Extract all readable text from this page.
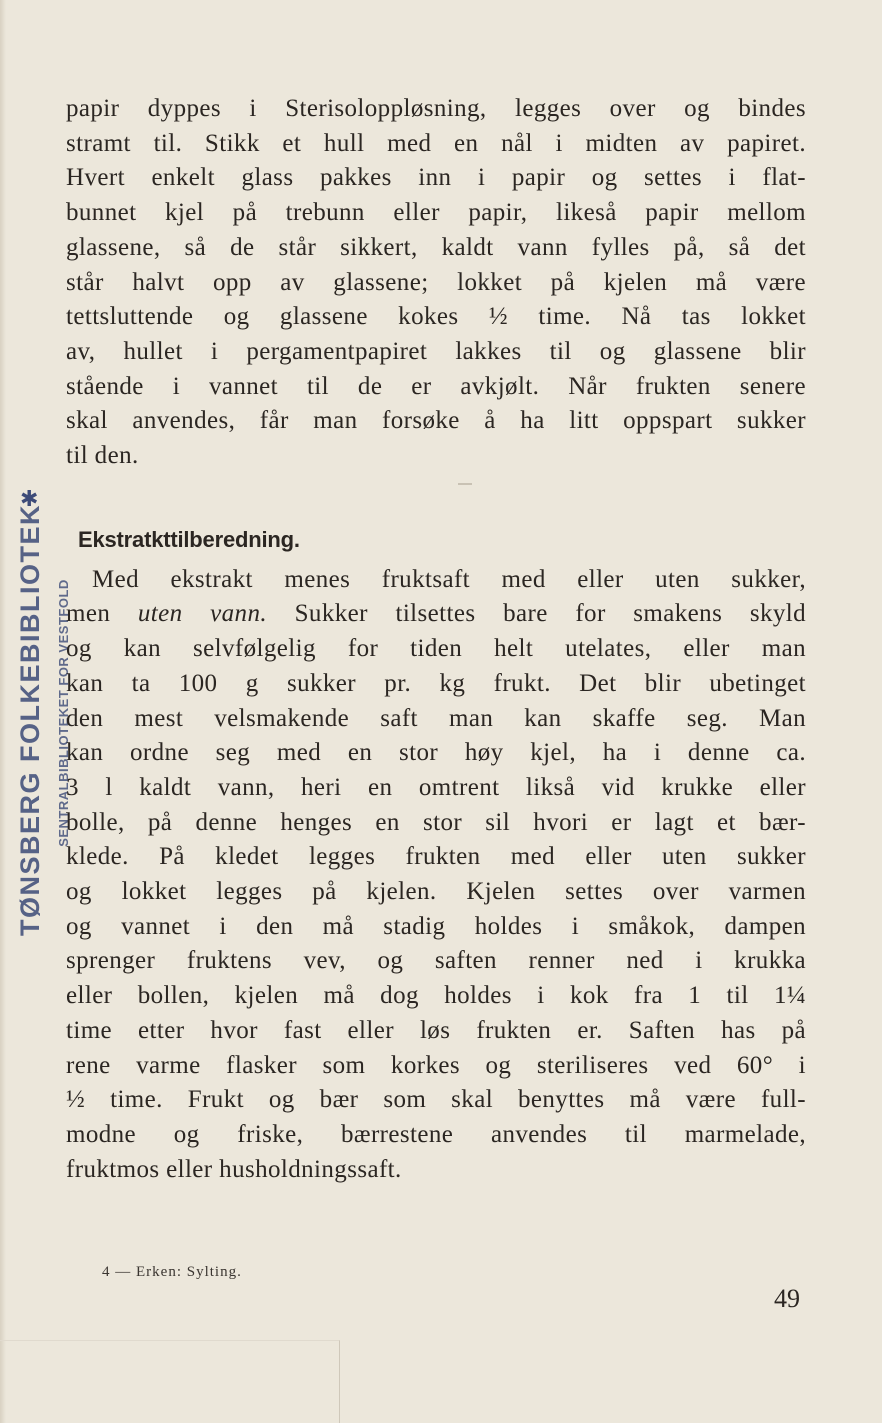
TØNSBERG FOLKEBIBLIOTEK SENTRALBIBLIOTEKET FOR VESTFOLD
✱
papir dyppes i Sterisoloppløsning, legges over og bindes
stramt til. Stikk et hull med en nål i midten av papiret.
Hvert enkelt glass pakkes inn i papir og settes i flat-
bunnet kjel på trebunn eller papir, likeså papir mellom
glassene, så de står sikkert, kaldt vann fylles på, så det
står halvt opp av glassene; lokket på kjelen må være
tettsluttende og glassene kokes ½ time. Nå tas lokket
av, hullet i pergamentpapiret lakkes til og glassene blir
stående i vannet til de er avkjølt. Når frukten senere
skal anvendes, får man forsøke å ha litt oppspart sukker
til den.
Ekstratkttilberedning.
Med ekstrakt menes fruktsaft med eller uten sukker,
men uten vann. Sukker tilsettes bare for smakens skyld
og kan selvfølgelig for tiden helt utelates, eller man
kan ta 100 g sukker pr. kg frukt. Det blir ubetinget
den mest velsmakende saft man kan skaffe seg. Man
kan ordne seg med en stor høy kjel, ha i denne ca.
3 l kaldt vann, heri en omtrent likså vid krukke eller
bolle, på denne henges en stor sil hvori er lagt et bær-
klede. På kledet legges frukten med eller uten sukker
og lokket legges på kjelen. Kjelen settes over varmen
og vannet i den må stadig holdes i småkok, dampen
sprenger fruktens vev, og saften renner ned i krukka
eller bollen, kjelen må dog holdes i kok fra 1 til 1¼
time etter hvor fast eller løs frukten er. Saften has på
rene varme flasker som korkes og steriliseres ved 60° i
½ time. Frukt og bær som skal benyttes må være full-
modne og friske, bærrestene anvendes til marmelade,
fruktmos eller husholdningssaft.
4 — Erken: Sylting.
49
